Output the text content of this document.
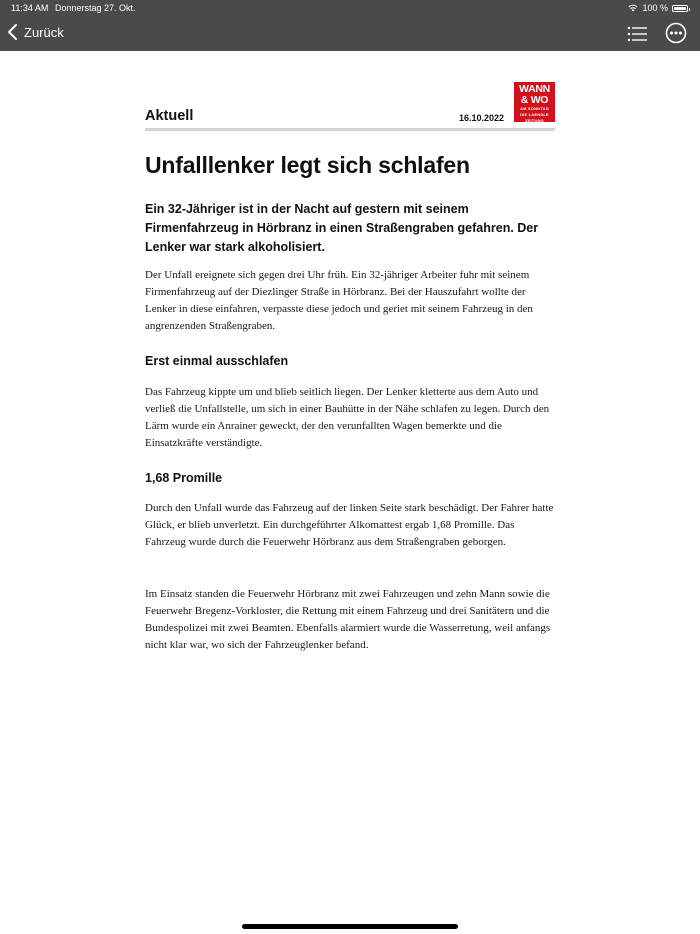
11:34 AM Donnerstag 27. Okt.	100 %
Zurück
WANN
& WO
AM SONNTAG
DIE LAENDLE ZEITUNG
Aktuell	16.10.2022
Unfalllenker legt sich schlafen
Ein 32-Jähriger ist in der Nacht auf gestern mit seinem Firmenfahrzeug in Hörbranz in einen Straßengraben gefahren. Der Lenker war stark alkoholisiert.

Der Unfall ereignete sich gegen drei Uhr früh. Ein 32-jähriger Arbeiter fuhr mit seinem Firmenfahrzeug auf der Diezlinger Straße in Hörbranz. Bei der Hauszufahrt wollte der Lenker in diese einfahren, verpasste diese jedoch und geriet mit seinem Fahrzeug in den angrenzenden Straßengraben.

Erst einmal ausschlafen

Das Fahrzeug kippte um und blieb seitlich liegen. Der Lenker kletterte aus dem Auto und verließ die Unfallstelle, um sich in einer Bauhütte in der Nähe schlafen zu legen. Durch den Lärm wurde ein Anrainer geweckt, der den verunfallten Wagen bemerkte und die Einsatzkräfte verständigte.

1,68 Promille

Durch den Unfall wurde das Fahrzeug auf der linken Seite stark beschädigt. Der Fahrer hatte Glück, er blieb unverletzt. Ein durchgeführter Alkomattest ergab 1,68 Promille. Das Fahrzeug wurde durch die Feuerwehr Hörbranz aus dem Straßengraben geborgen.

Im Einsatz standen die Feuerwehr Hörbranz mit zwei Fahrzeugen und zehn Mann sowie die Feuerwehr Bregenz-Vorkloster, die Rettung mit einem Fahrzeug und drei Sanitätern und die Bundespolizei mit zwei Beamten. Ebenfalls alarmiert wurde die Wasserretung, weil anfangs nicht klar war, wo sich der Fahrzeuglenker befand.
